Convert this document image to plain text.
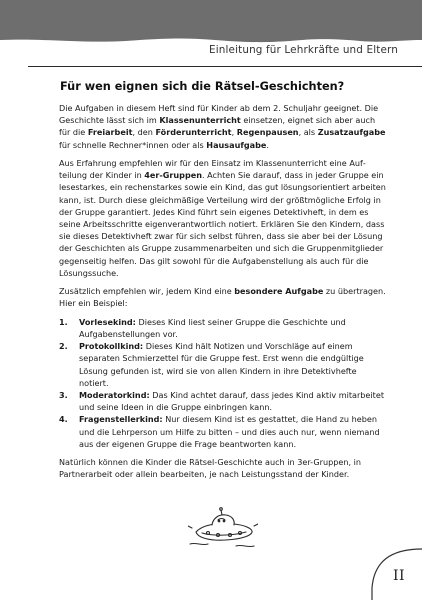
Einleitung für Lehrkräfte und Eltern
Für wen eignen sich die Rätsel-Geschichten?

Die Aufgaben in diesem Heft sind für Kinder ab dem 2. Schuljahr geeignet. Die Geschichte lässt sich im Klassenunterricht einsetzen, eignet sich aber auch für die Freiarbeit, den Förderunterricht, Regenpausen, als Zusatzaufgabe für schnelle Rechner*innen oder als Hausaufgabe.

Aus Erfahrung empfehlen wir für den Einsatz im Klassenunterricht eine Aufteilung der Kinder in 4er-Gruppen. Achten Sie darauf, dass in jeder Gruppe ein lesestarkes, ein rechenstarkes sowie ein Kind, das gut lösungsorientiert arbeiten kann, ist. Durch diese gleichmäßige Verteilung wird der größtmögliche Erfolg in der Gruppe garantiert. Jedes Kind führt sein eigenes Detektivheft, in dem es seine Arbeitsschritte eigenverantwortlich notiert. Erklären Sie den Kindern, dass sie dieses Detektivheft zwar für sich selbst führen, dass sie aber bei der Lösung der Geschichten als Gruppe zusammenarbeiten und sich die Gruppenmitglieder gegenseitig helfen. Das gilt sowohl für die Aufgabenstellung als auch für die Lösungssuche.

Zusätzlich empfehlen wir, jedem Kind eine besondere Aufgabe zu übertragen. Hier ein Beispiel:

1. Vorlesekind: Dieses Kind liest seiner Gruppe die Geschichte und Aufgabenstellungen vor.
2. Protokollkind: Dieses Kind hält Notizen und Vorschläge auf einem separaten Schmierzettel für die Gruppe fest. Erst wenn die endgültige Lösung gefunden ist, wird sie von allen Kindern in ihre Detektivhefte notiert.
3. Moderatorkind: Das Kind achtet darauf, dass jedes Kind aktiv mitarbeitet und seine Ideen in die Gruppe einbringen kann.
4. Fragenstellerkind: Nur diesem Kind ist es gestattet, die Hand zu heben und die Lehrperson um Hilfe zu bitten – und dies auch nur, wenn niemand aus der eigenen Gruppe die Frage beantworten kann.

Natürlich können die Kinder die Rätsel-Geschichte auch in 3er-Gruppen, in Partnerarbeit oder allein bearbeiten, je nach Leistungsstand der Kinder.

II
